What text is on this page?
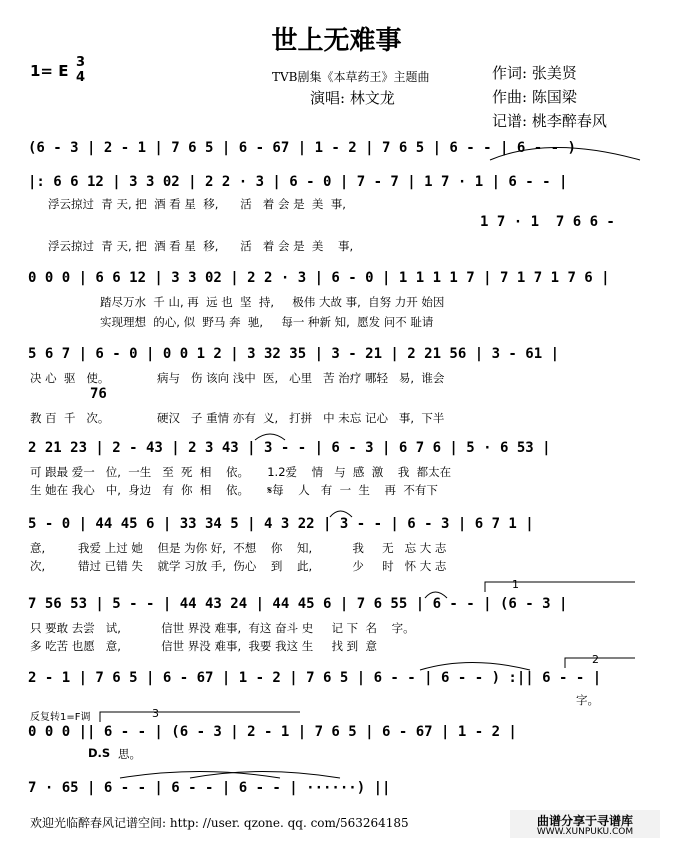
世上无难事
1= E 3
4	TVB剧集《本草药王》主题曲
演唱: 林文龙
作词: 张美贤
作曲: 陈国梁
记谱: 桃李醉春风
(6 - 3 | 2 - 1 | 7 6 5 | 6 - 67 | 1 - 2 | 7 6 5 | 6 - - | 6 - - )
|: 6 6 12 | 3 3 02 | 2 2 · 3 | 6 - 0 | 7 - 7 | 1 7 · 1 | 6 - - |
浮云掠过  青 天, 把  酒 看 星  移,      活   着 会 是  美  事,
1 7 · 1  7 6 6 -
浮云掠过  青 天, 把  酒 看 星  移,      活   着 会 是  美    事,
0 0 0 | 6 6 12 | 3 3 02 | 2 2 · 3 | 6 - 0 | 1 1 1 1 7 | 7 1 7 1 7 6 |
踏尽万水  千 山, 再  远 也  坚  持,     极伟 大故 事,  自努 力开 始因
实现理想  的心, 似  野马 奔  驰,     每一 种新 知,  愿发 问不 耻请
5 6 7 | 6 - 0 | 0 0 1 2 | 3 32 35 | 3 - 21 | 2 21 56 | 3 - 61 |
决 心  驱   使。             病与   伤 该向 浅中  医,   心里   苦 治疗 哪轻   易,  谁会
76
教 百  千   次。             硬汉   子 重情 亦有  义,   打拼   中 未忘 记心   事,  下半
2 21 23 | 2 - 43 | 2 3 43 | 3 - - | 6 - 3 | 6 7 6 | 5 · 6 53 |
可 跟最 爱一   位,  一生   至  死  相    依。     1.2爱    情   与  感  激    我  都太在
生 她在 我心   中,  身边   有  你  相    依。     𝄋每    人   有  一  生    再  不有下
5 - 0 | 44 45 6 | 33 34 5 | 4 3 22 | 3 - - | 6 - 3 | 6 7 1 |
意,         我爱 上过 她    但是 为你 好,  不想    你    知,           我     无   忘 大 志
次,         错过 已错 失    就学 习放 手,  伤心    到    此,           少     时   怀 大 志
1
7 56 53 | 5 - - | 44 43 24 | 44 45 6 | 7 6 55 | 6 - - | (6 - 3 |
只 要敢 去尝   试,           信世 界没 难事,  有这 奋斗 史     记 下  名    字。
多 吃苦 也愿   意,           信世 界没 难事,  我要 我这 生     找 到  意
2
2 - 1 | 7 6 5 | 6 - 67 | 1 - 2 | 7 6 5 | 6 - - | 6 - - ) :|| 6 - - |
字。
反复转1=F调	3
0 0 0 || 6 - - | (6 - 3 | 2 - 1 | 7 6 5 | 6 - 67 | 1 - 2 |
D.S 思。
7 · 65 | 6 - - | 6 - - | 6 - - | ······) ||
欢迎光临醉春风记谱空间: http: //user. qzone. qq. com/563264185	曲谱分享于寻谱库
WWW.XUNPUKU.COM
